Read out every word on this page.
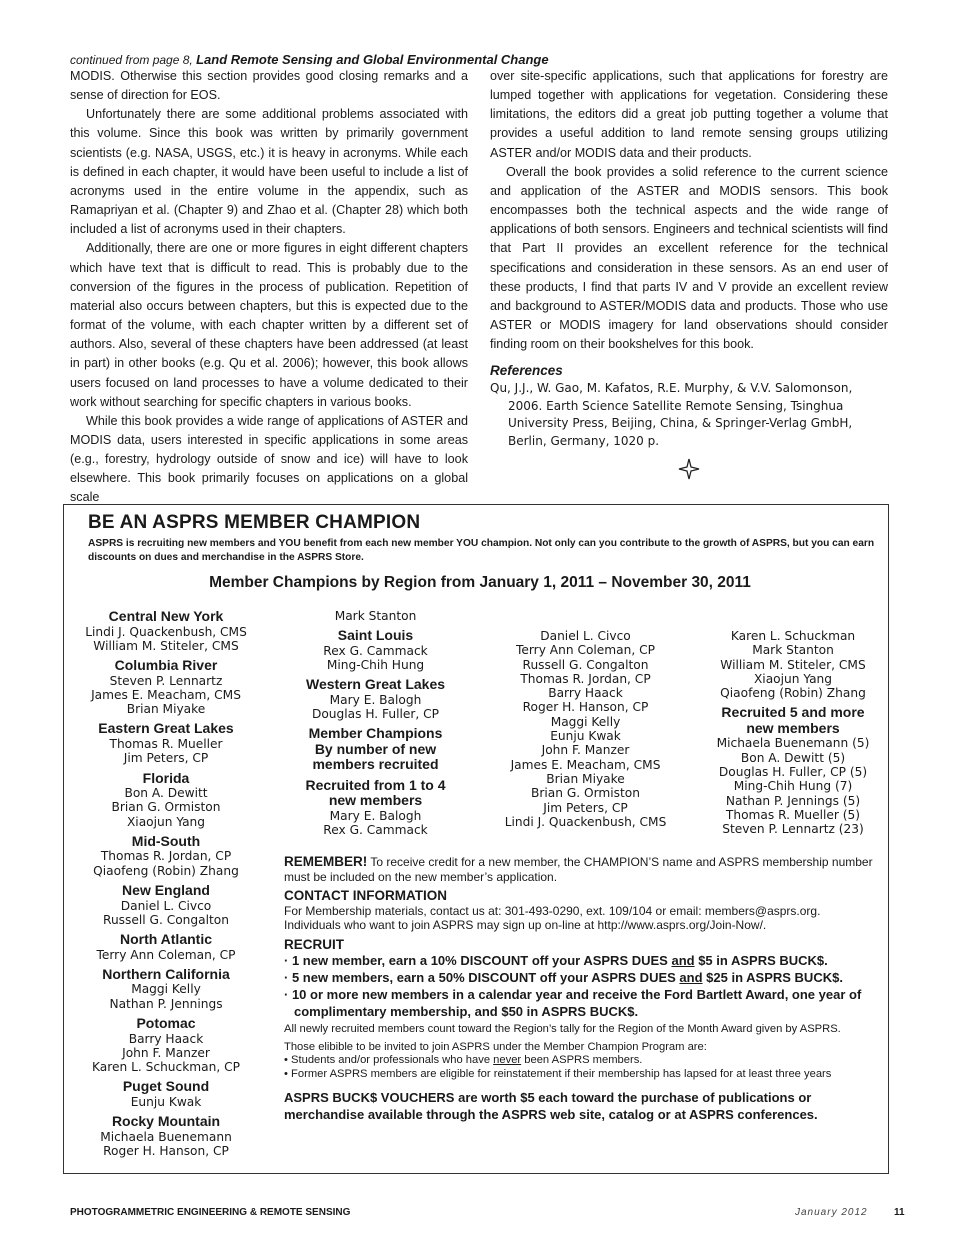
continued from page 8, Land Remote Sensing and Global Environmental Change

MODIS. Otherwise this section provides good closing remarks and a sense of direction for EOS.

Unfortunately there are some additional problems associated with this volume. Since this book was written by primarily government scientists (e.g. NASA, USGS, etc.) it is heavy in acronyms. While each is defined in each chapter, it would have been useful to include a list of acronyms used in the entire volume in the appendix, such as Ramapriyan et al. (Chapter 9) and Zhao et al. (Chapter 28) which both included a list of acronyms used in their chapters.

Additionally, there are one or more figures in eight different chapters which have text that is difficult to read. This is probably due to the conversion of the figures in the process of publication. Repetition of material also occurs between chapters, but this is expected due to the format of the volume, with each chapter written by a different set of authors. Also, several of these chapters have been addressed (at least in part) in other books (e.g. Qu et al. 2006); however, this book allows users focused on land processes to have a volume dedicated to their work without searching for specific chapters in various books.

While this book provides a wide range of applications of ASTER and MODIS data, users interested in specific applications in some areas (e.g., forestry, hydrology outside of snow and ice) will have to look elsewhere. This book primarily focuses on applications on a global scale

over site-specific applications, such that applications for forestry are lumped together with applications for vegetation. Considering these limitations, the editors did a great job putting together a volume that provides a useful addition to land remote sensing groups utilizing ASTER and/or MODIS data and their products.

Overall the book provides a solid reference to the current science and application of the ASTER and MODIS sensors. This book encompasses both the technical aspects and the wide range of applications of both sensors. Engineers and technical scientists will find that Part II provides an excellent reference for the technical specifications and consideration in these sensors. As an end user of these products, I find that parts IV and V provide an excellent review and background to ASTER/MODIS data and products. Those who use ASTER or MODIS imagery for land observations should consider finding room on their bookshelves for this book.

References
Qu, J.J., W. Gao, M. Kafatos, R.E. Murphy, & V.V. Salomonson, 2006. Earth Science Satellite Remote Sensing, Tsinghua University Press, Beijing, China, & Springer-Verlag GmbH, Berlin, Germany, 1020 p.
BE AN ASPRS MEMBER CHAMPION
ASPRS is recruiting new members and YOU benefit from each new member YOU champion. Not only can you contribute to the growth of ASPRS, but you can earn discounts on dues and merchandise in the ASPRS Store.
Member Champions by Region from January 1, 2011 – November 30, 2011
Central New York
Lindi J. Quackenbush, CMS
William M. Stiteler, CMS
Columbia River
Steven P. Lennartz
James E. Meacham, CMS
Brian Miyake
Eastern Great Lakes
Thomas R. Mueller
Jim Peters, CP
Florida
Bon A. Dewitt
Brian G. Ormiston
Xiaojun Yang
Mid-South
Thomas R. Jordan, CP
Qiaofeng (Robin) Zhang
New England
Daniel L. Civco
Russell G. Congalton
North Atlantic
Terry Ann Coleman, CP
Northern California
Maggi Kelly
Nathan P. Jennings
Potomac
Barry Haack
John F. Manzer
Karen L. Schuckman, CP
Puget Sound
Eunju Kwak
Rocky Mountain
Michaela Buenemann
Roger H. Hanson, CP
Mark Stanton
Saint Louis
Rex G. Cammack
Ming-Chih Hung
Western Great Lakes
Mary E. Balogh
Douglas H. Fuller, CP
Member Champions
By number of new
members recruited
Recruited from 1 to 4
new members
Mary E. Balogh
Rex G. Cammack
Daniel L. Civco
Terry Ann Coleman, CP
Russell G. Congalton
Thomas R. Jordan, CP
Barry Haack
Roger H. Hanson, CP
Maggi Kelly
Eunju Kwak
John F. Manzer
James E. Meacham, CMS
Brian Miyake
Brian G. Ormiston
Jim Peters, CP
Lindi J. Quackenbush, CMS
Karen L. Schuckman
Mark Stanton
William M. Stiteler, CMS
Xiaojun Yang
Qiaofeng (Robin) Zhang
Recruited 5 and more
new members
Michaela Buenemann (5)
Bon A. Dewitt (5)
Douglas H. Fuller, CP (5)
Ming-Chih Hung (7)
Nathan P. Jennings (5)
Thomas R. Mueller (5)
Steven P. Lennartz (23)
REMEMBER! To receive credit for a new member, the CHAMPION’S name and ASPRS membership number must be included on the new member’s application.
CONTACT INFORMATION
For Membership materials, contact us at: 301-493-0290, ext. 109/104 or email: members@asprs.org.
Individuals who want to join ASPRS may sign up on-line at http://www.asprs.org/Join-Now/.
RECRUIT
· 1 new member, earn a 10% DISCOUNT off your ASPRS DUES and $5 in ASPRS BUCK$.
· 5 new members, earn a 50% DISCOUNT off your ASPRS DUES and $25 in ASPRS BUCK$.
· 10 or more new members in a calendar year and receive the Ford Bartlett Award, one year of complimentary membership, and $50 in ASPRS BUCK$.
All newly recruited members count toward the Region’s tally for the Region of the Month Award given by ASPRS.
Those elibible to be invited to join ASPRS under the Member Champion Program are:
• Students and/or professionals who have never been ASPRS members.
• Former ASPRS members are eligible for reinstatement if their membership has lapsed for at least three years
ASPRS BUCK$ VOUCHERS are worth $5 each toward the purchase of publications or merchandise available through the ASPRS web site, catalog or at ASPRS conferences.
PHOTOGRAMMETRIC ENGINEERING & REMOTE SENSING	January 2012	11
